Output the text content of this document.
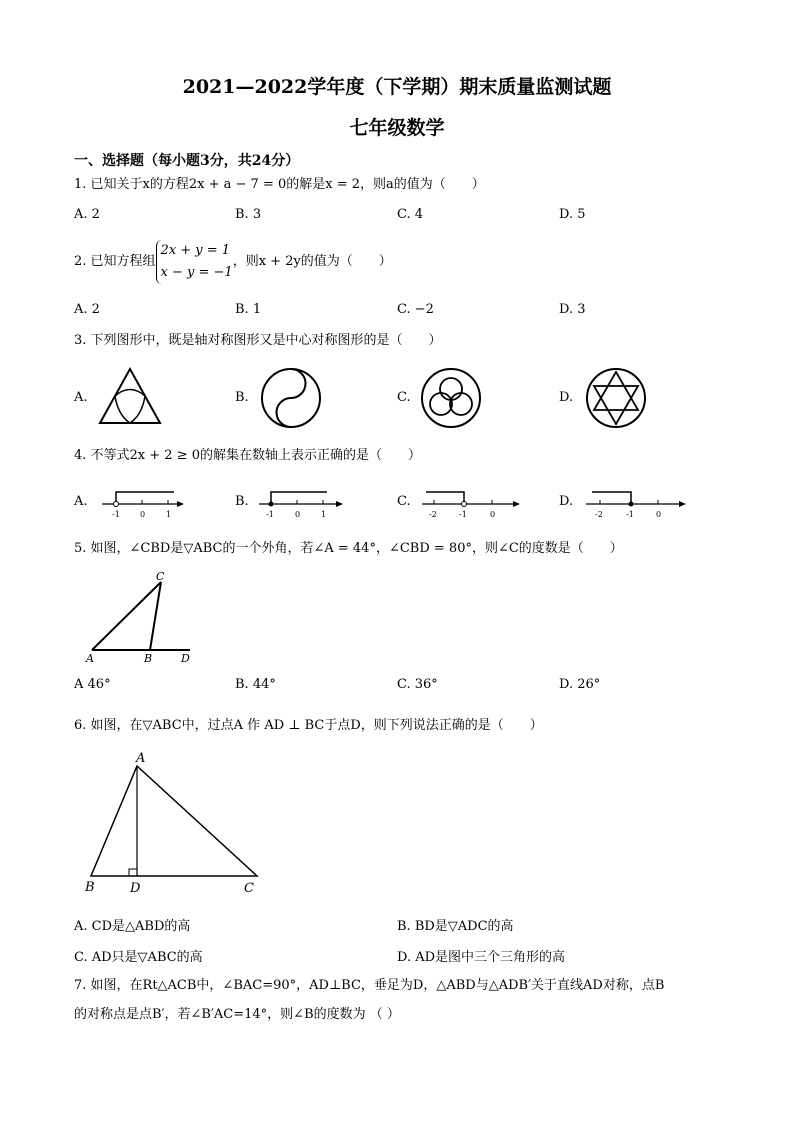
2021—2022学年度（下学期）期末质量监测试题
七年级数学
一、选择题（每小题3分，共24分）
1. 已知关于x的方程2x + a − 7 = 0的解是x = 2，则a的值为（　　）
A. 2	B. 3	C. 4	D. 5
2. 已知方程组
2x + y = 1
x − y = −1
，则x + 2y的值为（　　）
A. 2	B. 1	C. −2	D. 3
3. 下列图形中，既是轴对称图形又是中心对称图形的是（　　）
A.	B.	C.	D.
4. 不等式2x + 2 ≥ 0的解集在数轴上表示正确的是（　　）
A.	B.	C.	D.
-1	0	1	-1	0	1	-2	-1	0	-2	-1	0
5. 如图，∠CBD是▽ABC的一个外角，若∠A = 44°，∠CBD = 80°，则∠C的度数是（　　）
C
A	B	D
A 46°	B. 44°	C. 36°	D. 26°
6. 如图，在▽ABC中，过点A 作 AD ⊥ BC于点D，则下列说法正确的是（　　）
A
B	D	C
A. CD是△ABD的高	B. BD是▽ADC的高
C. AD只是▽ABC的高	D. AD是图中三个三角形的高
7. 如图，在Rt△ACB中，∠BAC=90°，AD⊥BC，垂足为D，△ABD与△ADB′关于直线AD对称，点B
的对称点是点B′，若∠B′AC=14°，则∠B的度数为 （ ）
